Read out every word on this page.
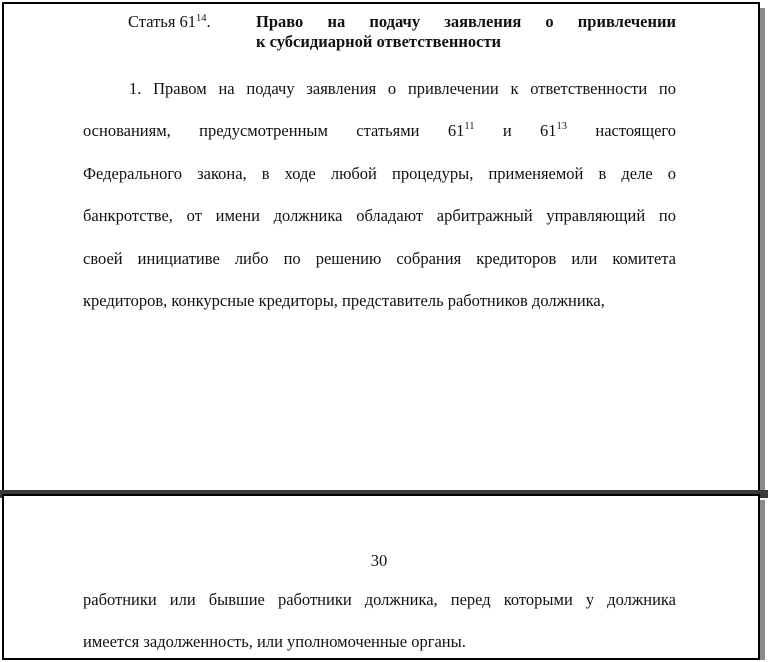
Статья $61^{14}$.	Право на подачу заявления о привлечении
к субсидиарной ответственности
1. Правом на подачу заявления о привлечении к ответственности по
основаниям, предусмотренным статьями $61^{11}$ и $61^{13}$ настоящего
Федерального закона, в ходе любой процедуры, применяемой в деле о
банкротстве, от имени должника обладают арбитражный управляющий по
своей инициативе либо по решению собрания кредиторов или комитета
кредиторов, конкурсные кредиторы, представитель работников должника,
30
работники или бывшие работники должника, перед которыми у должника
имеется задолженность, или уполномоченные органы.
